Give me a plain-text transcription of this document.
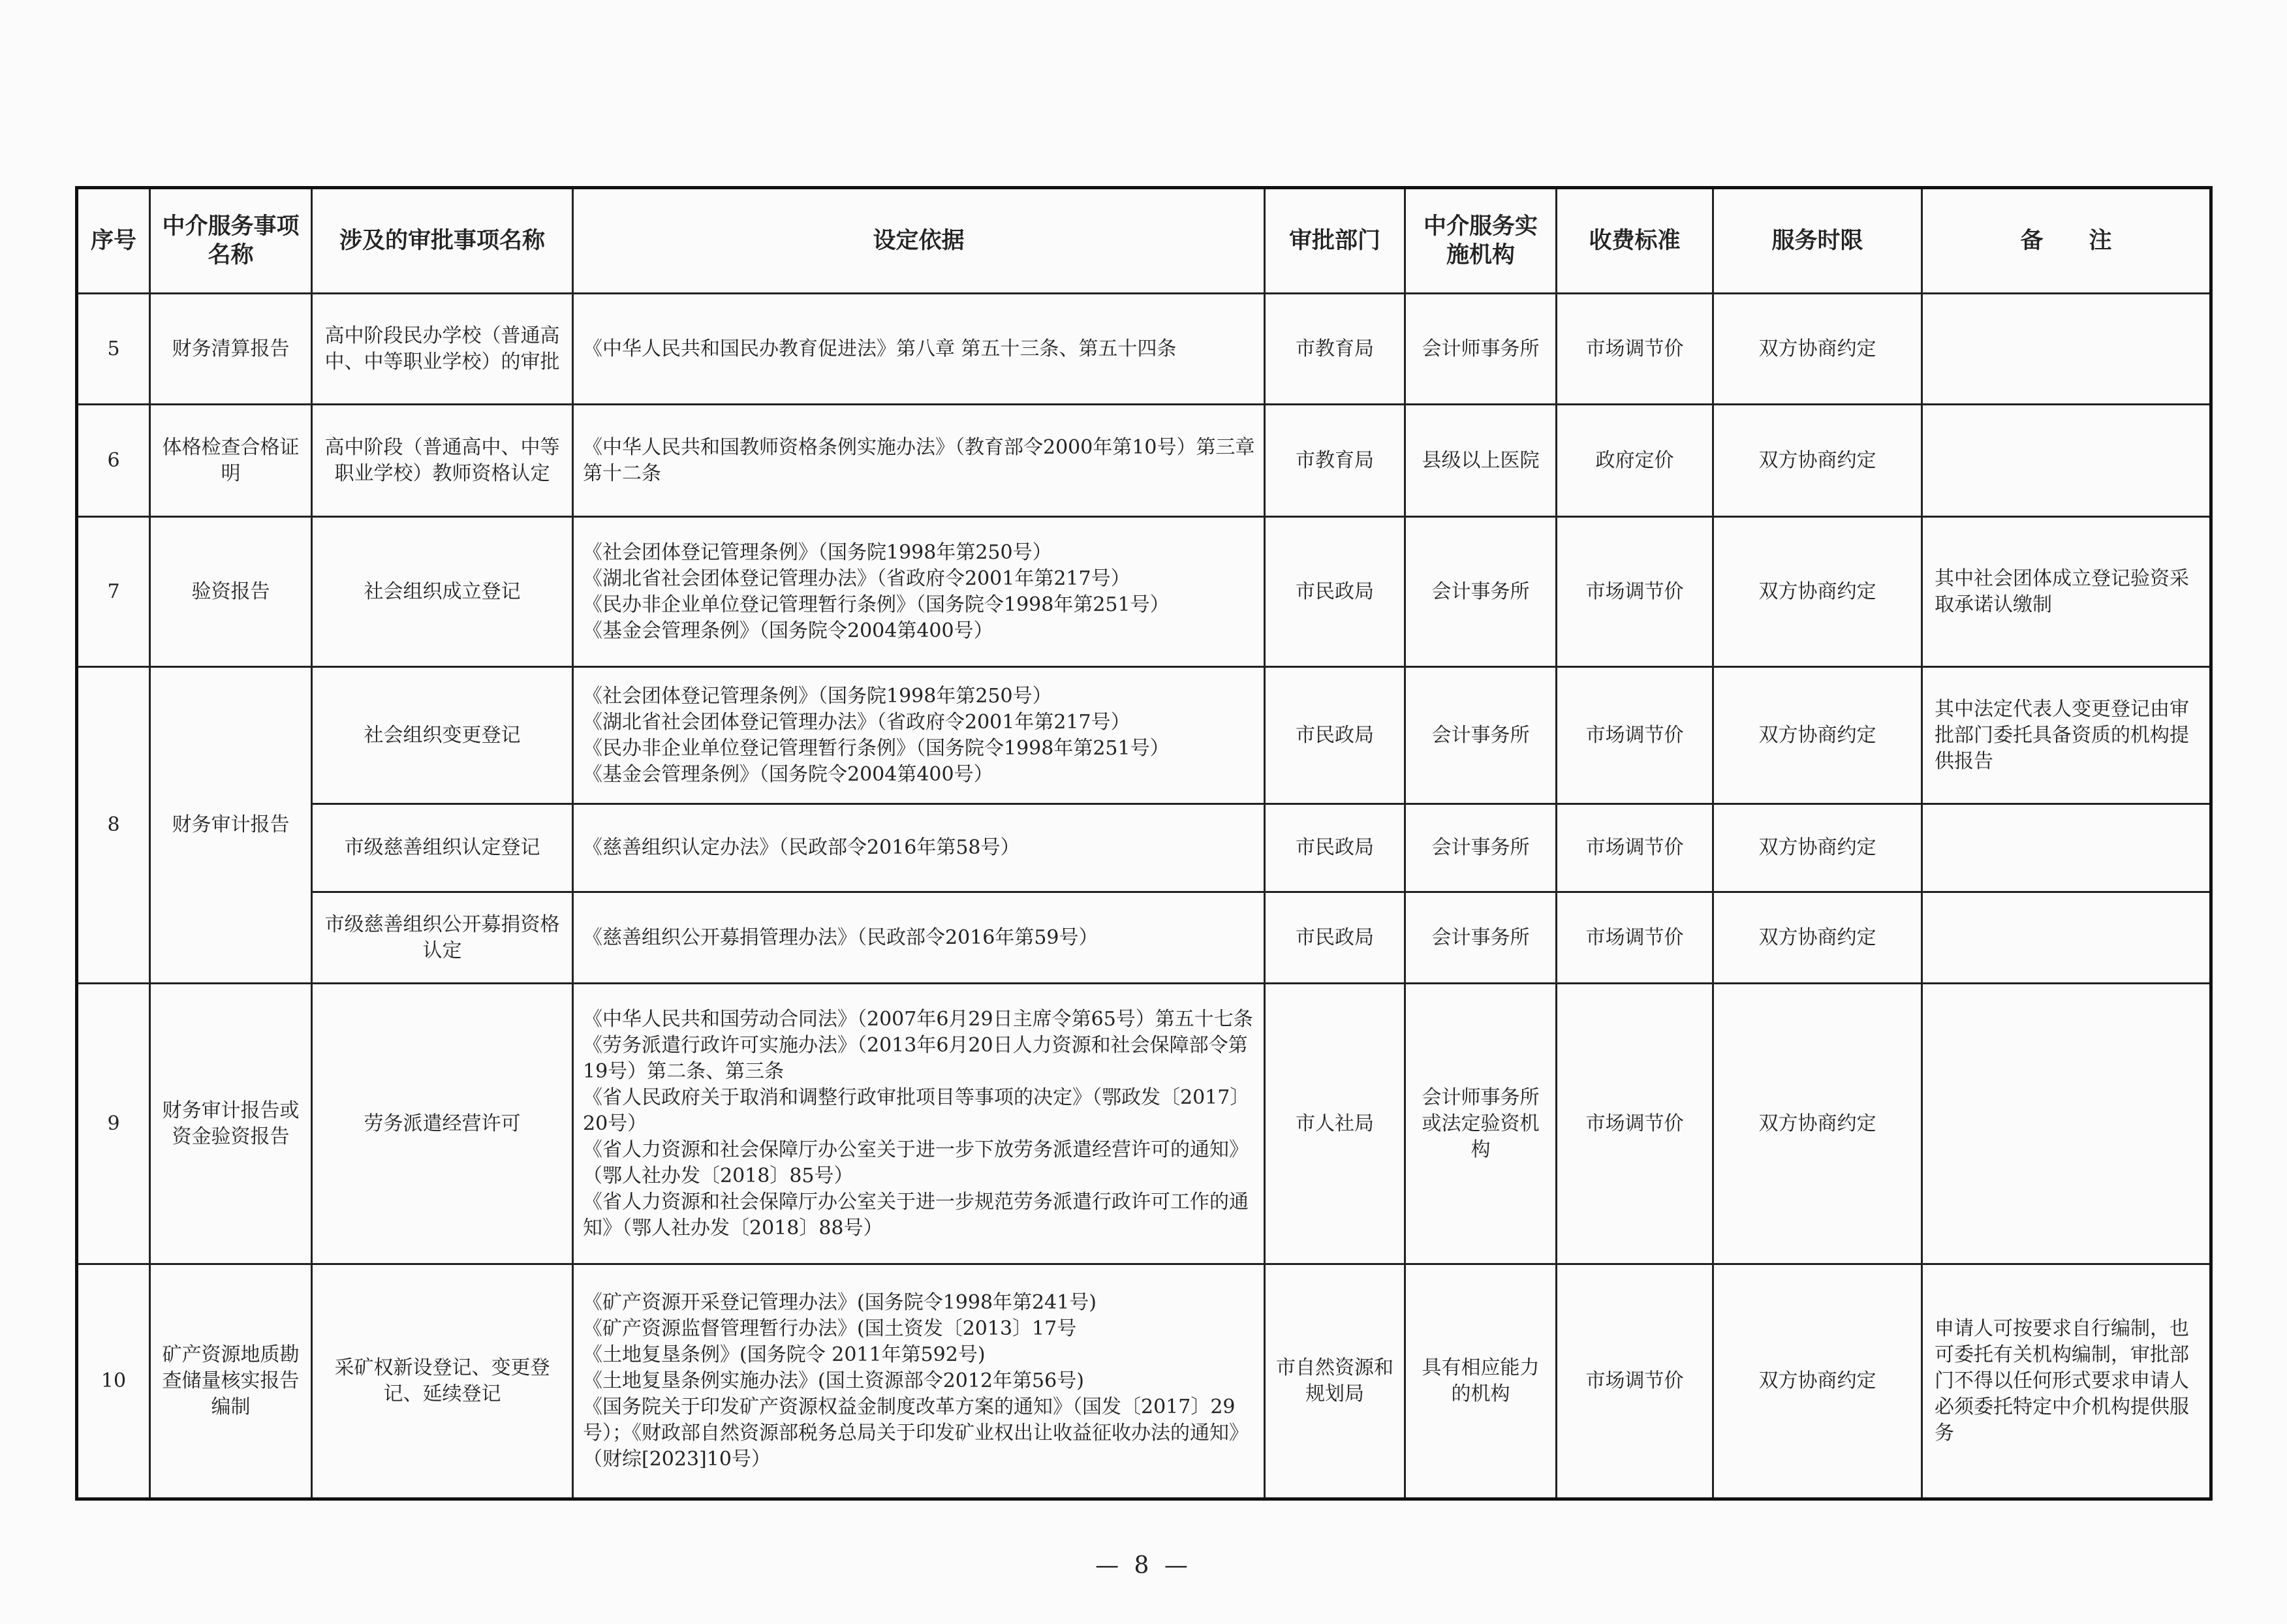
序号	中介服务事项名称	涉及的审批事项名称	设定依据	审批部门	中介服务实施机构	收费标准	服务时限	备　　注
5	财务清算报告	高中阶段民办学校（普通高中、中等职业学校）的审批	《中华人民共和国民办教育促进法》第八章 第五十三条、第五十四条	市教育局	会计师事务所	市场调节价	双方协商约定	
6	体格检查合格证明	高中阶段（普通高中、中等职业学校）教师资格认定	《中华人民共和国教师资格条例实施办法》（教育部令2000年第10号）第三章 第十二条	市教育局	县级以上医院	政府定价	双方协商约定	
7	验资报告	社会组织成立登记	《社会团体登记管理条例》（国务院1998年第250号）
《湖北省社会团体登记管理办法》（省政府令2001年第217号）
《民办非企业单位登记管理暂行条例》（国务院令1998年第251号）
《基金会管理条例》（国务院令2004第400号）	市民政局	会计事务所	市场调节价	双方协商约定	其中社会团体成立登记验资采取承诺认缴制
8	财务审计报告	社会组织变更登记	《社会团体登记管理条例》（国务院1998年第250号）
《湖北省社会团体登记管理办法》（省政府令2001年第217号）
《民办非企业单位登记管理暂行条例》（国务院令1998年第251号）
《基金会管理条例》（国务院令2004第400号）	市民政局	会计事务所	市场调节价	双方协商约定	其中法定代表人变更登记由审批部门委托具备资质的机构提供报告
		市级慈善组织认定登记	《慈善组织认定办法》（民政部令2016年第58号）	市民政局	会计事务所	市场调节价	双方协商约定	
		市级慈善组织公开募捐资格认定	《慈善组织公开募捐管理办法》（民政部令2016年第59号）	市民政局	会计事务所	市场调节价	双方协商约定	
9	财务审计报告或资金验资报告	劳务派遣经营许可	《中华人民共和国劳动合同法》（2007年6月29日主席令第65号）第五十七条
《劳务派遣行政许可实施办法》（2013年6月20日人力资源和社会保障部令第19号）第二条、第三条
《省人民政府关于取消和调整行政审批项目等事项的决定》（鄂政发〔2017〕20号）
《省人力资源和社会保障厅办公室关于进一步下放劳务派遣经营许可的通知》（鄂人社办发〔2018〕85号）
《省人力资源和社会保障厅办公室关于进一步规范劳务派遣行政许可工作的通知》（鄂人社办发〔2018〕88号）	市人社局	会计师事务所或法定验资机构	市场调节价	双方协商约定	
10	矿产资源地质勘查储量核实报告编制	采矿权新设登记、变更登记、延续登记	《矿产资源开采登记管理办法》(国务院令1998年第241号)
《矿产资源监督管理暂行办法》(国土资发〔2013〕17号
《土地复垦条例》(国务院令 2011年第592号)
《土地复垦条例实施办法》(国土资源部令2012年第56号)
《国务院关于印发矿产资源权益金制度改革方案的通知》（国发〔2017〕29号）；《财政部自然资源部税务总局关于印发矿业权出让收益征收办法的通知》（财综[2023]10号）	市自然资源和规划局	具有相应能力的机构	市场调节价	双方协商约定	申请人可按要求自行编制，也可委托有关机构编制，审批部门不得以任何形式要求申请人必须委托特定中介机构提供服务
— 8 —
